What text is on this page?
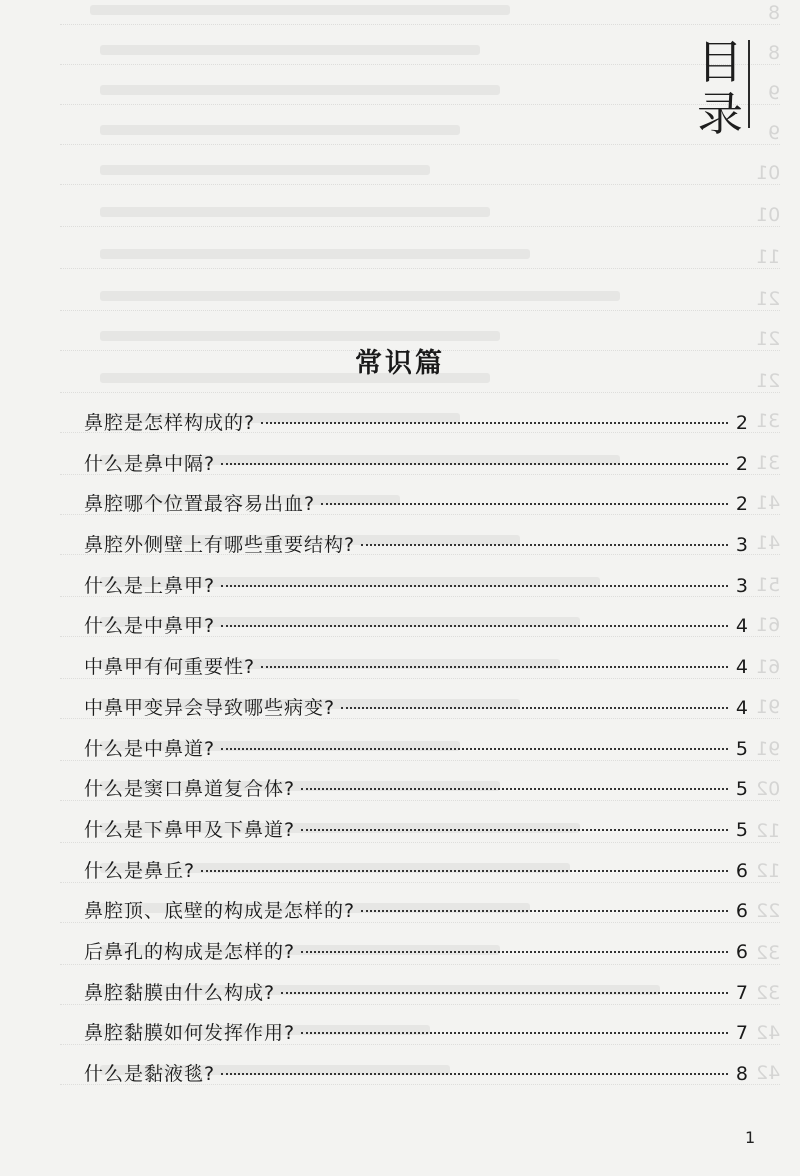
8
8
9
9
01
01
11
21
21
21
31
31
41
41
51
61
61
91
91
02
12
12
22
32
32
42
42
目录
常识篇
鼻腔是怎样构成的?	2
什么是鼻中隔?	2
鼻腔哪个位置最容易出血?	2
鼻腔外侧壁上有哪些重要结构?	3
什么是上鼻甲?	3
什么是中鼻甲?	4
中鼻甲有何重要性?	4
中鼻甲变异会导致哪些病变?	4
什么是中鼻道?	5
什么是窦口鼻道复合体?	5
什么是下鼻甲及下鼻道?	5
什么是鼻丘?	6
鼻腔顶、底壁的构成是怎样的?	6
后鼻孔的构成是怎样的?	6
鼻腔黏膜由什么构成?	7
鼻腔黏膜如何发挥作用?	7
什么是黏液毯?	8
1
